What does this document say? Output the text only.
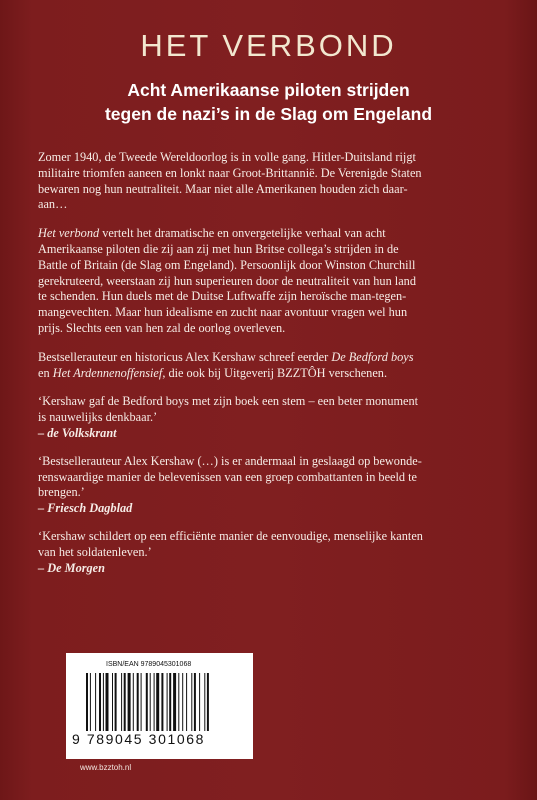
HET VERBOND
Acht Amerikaanse piloten strijden
tegen de nazi’s in de Slag om Engeland

Zomer 1940, de Tweede Wereldoorlog is in volle gang. Hitler-Duitsland rijgt
militaire triomfen aaneen en lonkt naar Groot-Brittannië. De Verenigde Staten
bewaren nog hun neutraliteit. Maar niet alle Amerikanen houden zich daar-
aan…

Het verbond vertelt het dramatische en onvergetelijke verhaal van acht
Amerikaanse piloten die zij aan zij met hun Britse collega’s strijden in de
Battle of Britain (de Slag om Engeland). Persoonlijk door Winston Churchill
gerekruteerd, weerstaan zij hun superieuren door de neutraliteit van hun land
te schenden. Hun duels met de Duitse Luftwaffe zijn heroïsche man-tegen-
mangevechten. Maar hun idealisme en zucht naar avontuur vragen wel hun
prijs. Slechts een van hen zal de oorlog overleven.

Bestsellerauteur en historicus Alex Kershaw schreef eerder De Bedford boys
en Het Ardennenoffensief, die ook bij Uitgeverij BZZTÔH verschenen.

‘Kershaw gaf de Bedford boys met zijn boek een stem – een beter monument
is nauwelijks denkbaar.’
– de Volkskrant
‘Bestsellerauteur Alex Kershaw (…) is er andermaal in geslaagd op bewonde-
renswaardige manier de belevenissen van een groep combattanten in beeld te
brengen.’
– Friesch Dagblad
‘Kershaw schildert op een efficiënte manier de eenvoudige, menselijke kanten
van het soldatenleven.’
– De Morgen
ISBN/EAN 9789045301068
9 789045 301068
www.bzztoh.nl
